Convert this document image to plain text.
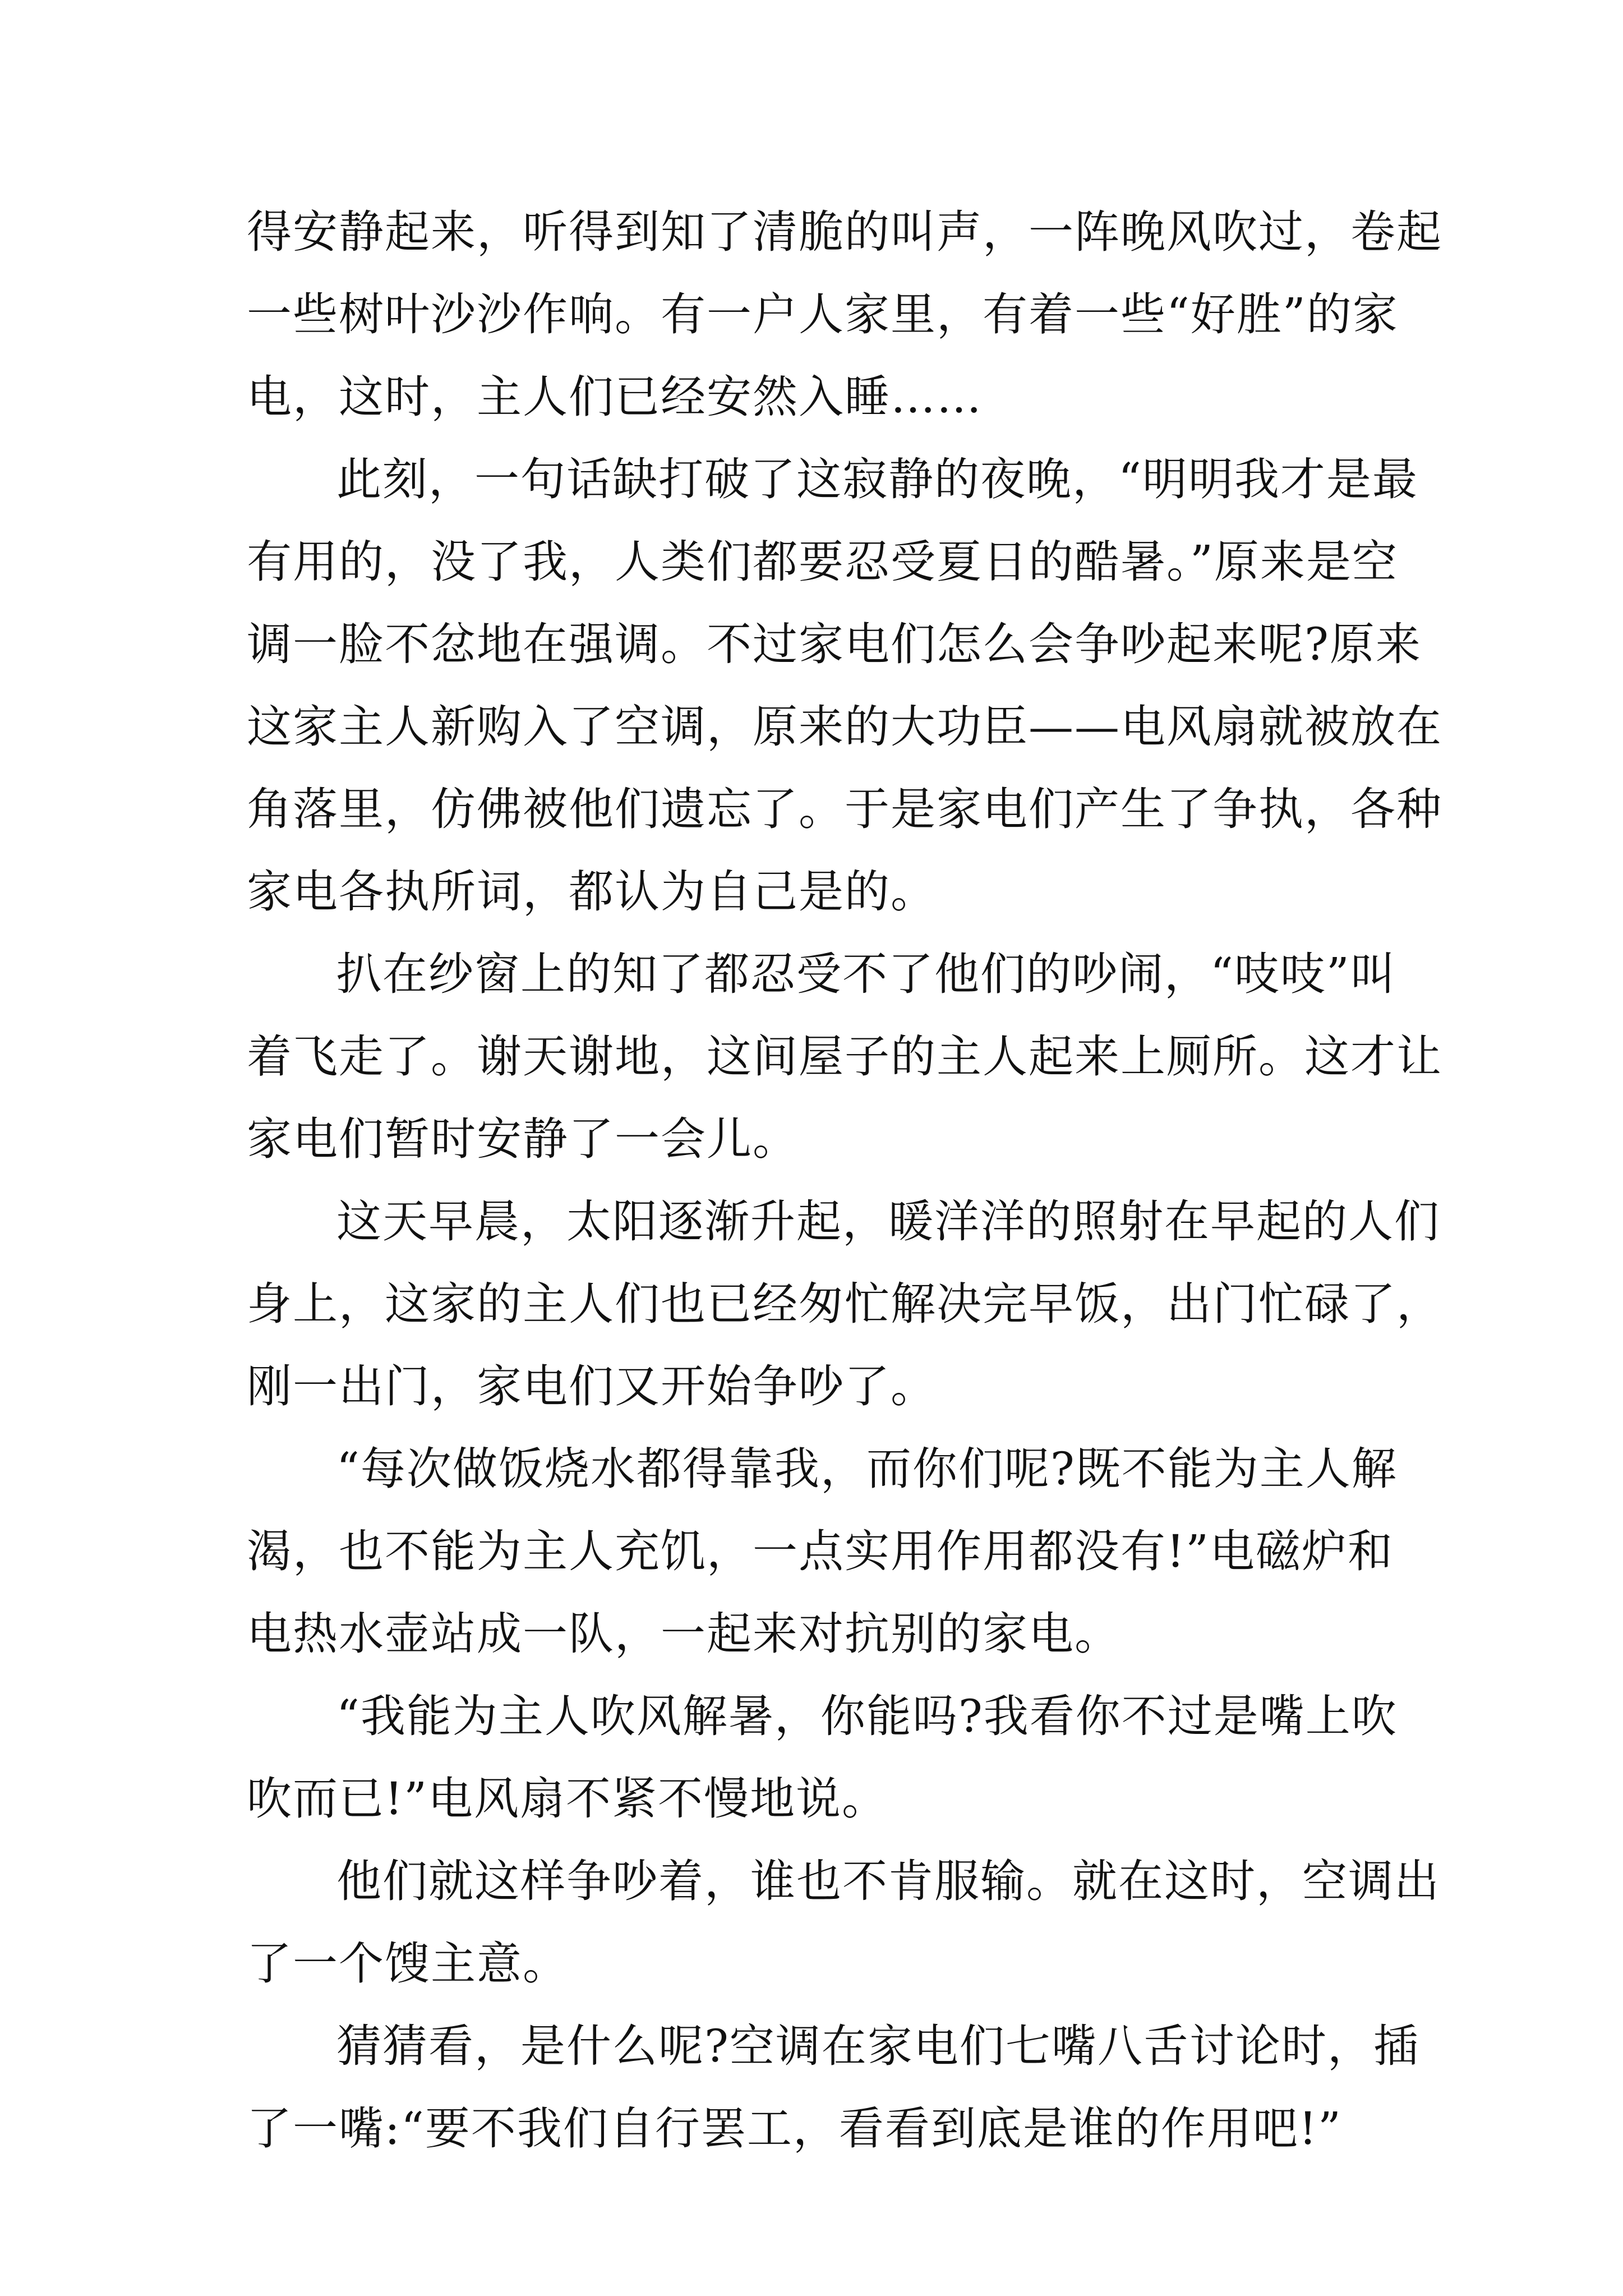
得安静起来，听得到知了清脆的叫声，一阵晚风吹过，卷起
一些树叶沙沙作响。有一户人家里，有着一些“好胜”的家
电，这时，主人们已经安然入睡……

此刻，一句话缺打破了这寂静的夜晚，“明明我才是最
有用的，没了我，人类们都要忍受夏日的酷暑。”原来是空
调一脸不忿地在强调。不过家电们怎么会争吵起来呢?原来
这家主人新购入了空调，原来的大功臣——电风扇就被放在
角落里，仿佛被他们遗忘了。于是家电们产生了争执，各种
家电各执所词，都认为自己是的。

扒在纱窗上的知了都忍受不了他们的吵闹，“吱吱”叫
着飞走了。谢天谢地，这间屋子的主人起来上厕所。这才让
家电们暂时安静了一会儿。

这天早晨，太阳逐渐升起，暖洋洋的照射在早起的人们
身上，这家的主人们也已经匆忙解决完早饭，出门忙碌了，
刚一出门，家电们又开始争吵了。

“每次做饭烧水都得靠我，而你们呢?既不能为主人解
渴，也不能为主人充饥，一点实用作用都没有!”电磁炉和
电热水壶站成一队，一起来对抗别的家电。

“我能为主人吹风解暑，你能吗?我看你不过是嘴上吹
吹而已!”电风扇不紧不慢地说。

他们就这样争吵着，谁也不肯服输。就在这时，空调出
了一个馊主意。

猜猜看，是什么呢?空调在家电们七嘴八舌讨论时，插
了一嘴:“要不我们自行罢工，看看到底是谁的作用吧!”
